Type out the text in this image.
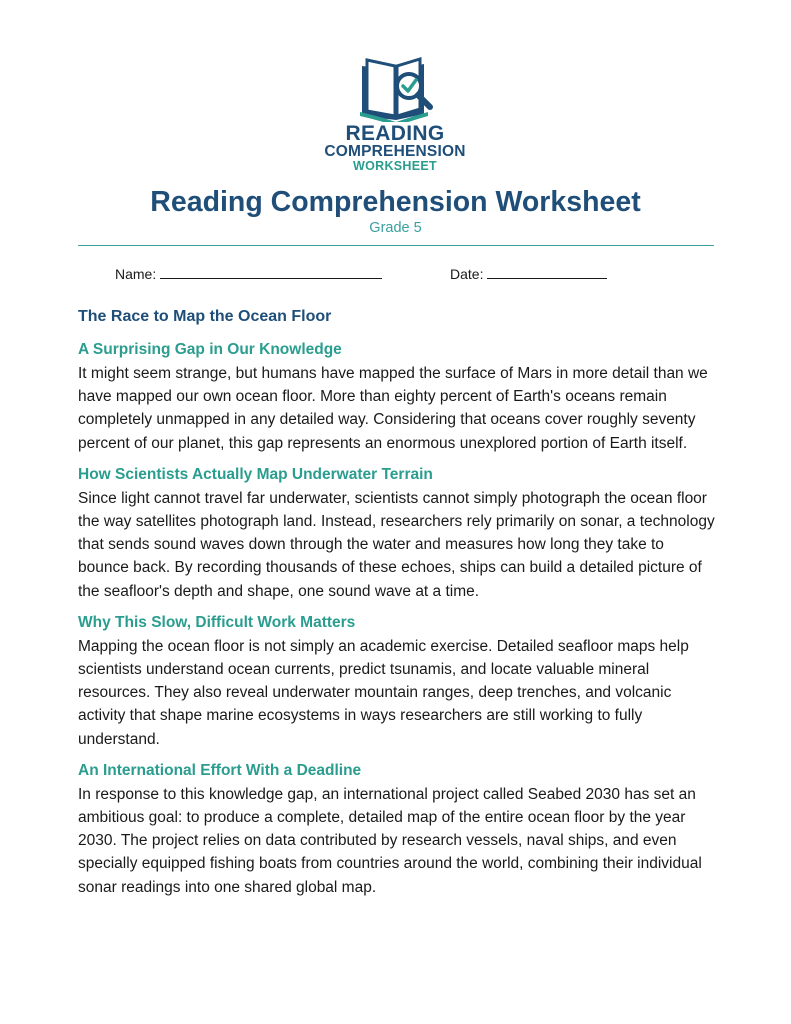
READING
COMPREHENSION
WORKSHEET
Reading Comprehension Worksheet
Grade 5
Name:	Date:
The Race to Map the Ocean Floor
A Surprising Gap in Our Knowledge
It might seem strange, but humans have mapped the surface of Mars in more detail than we have mapped our own ocean floor. More than eighty percent of Earth's oceans remain completely unmapped in any detailed way. Considering that oceans cover roughly seventy percent of our planet, this gap represents an enormous unexplored portion of Earth itself.
How Scientists Actually Map Underwater Terrain
Since light cannot travel far underwater, scientists cannot simply photograph the ocean floor the way satellites photograph land. Instead, researchers rely primarily on sonar, a technology that sends sound waves down through the water and measures how long they take to bounce back. By recording thousands of these echoes, ships can build a detailed picture of the seafloor's depth and shape, one sound wave at a time.
Why This Slow, Difficult Work Matters
Mapping the ocean floor is not simply an academic exercise. Detailed seafloor maps help scientists understand ocean currents, predict tsunamis, and locate valuable mineral resources. They also reveal underwater mountain ranges, deep trenches, and volcanic activity that shape marine ecosystems in ways researchers are still working to fully understand.
An International Effort With a Deadline
In response to this knowledge gap, an international project called Seabed 2030 has set an ambitious goal: to produce a complete, detailed map of the entire ocean floor by the year 2030. The project relies on data contributed by research vessels, naval ships, and even specially equipped fishing boats from countries around the world, combining their individual sonar readings into one shared global map.
